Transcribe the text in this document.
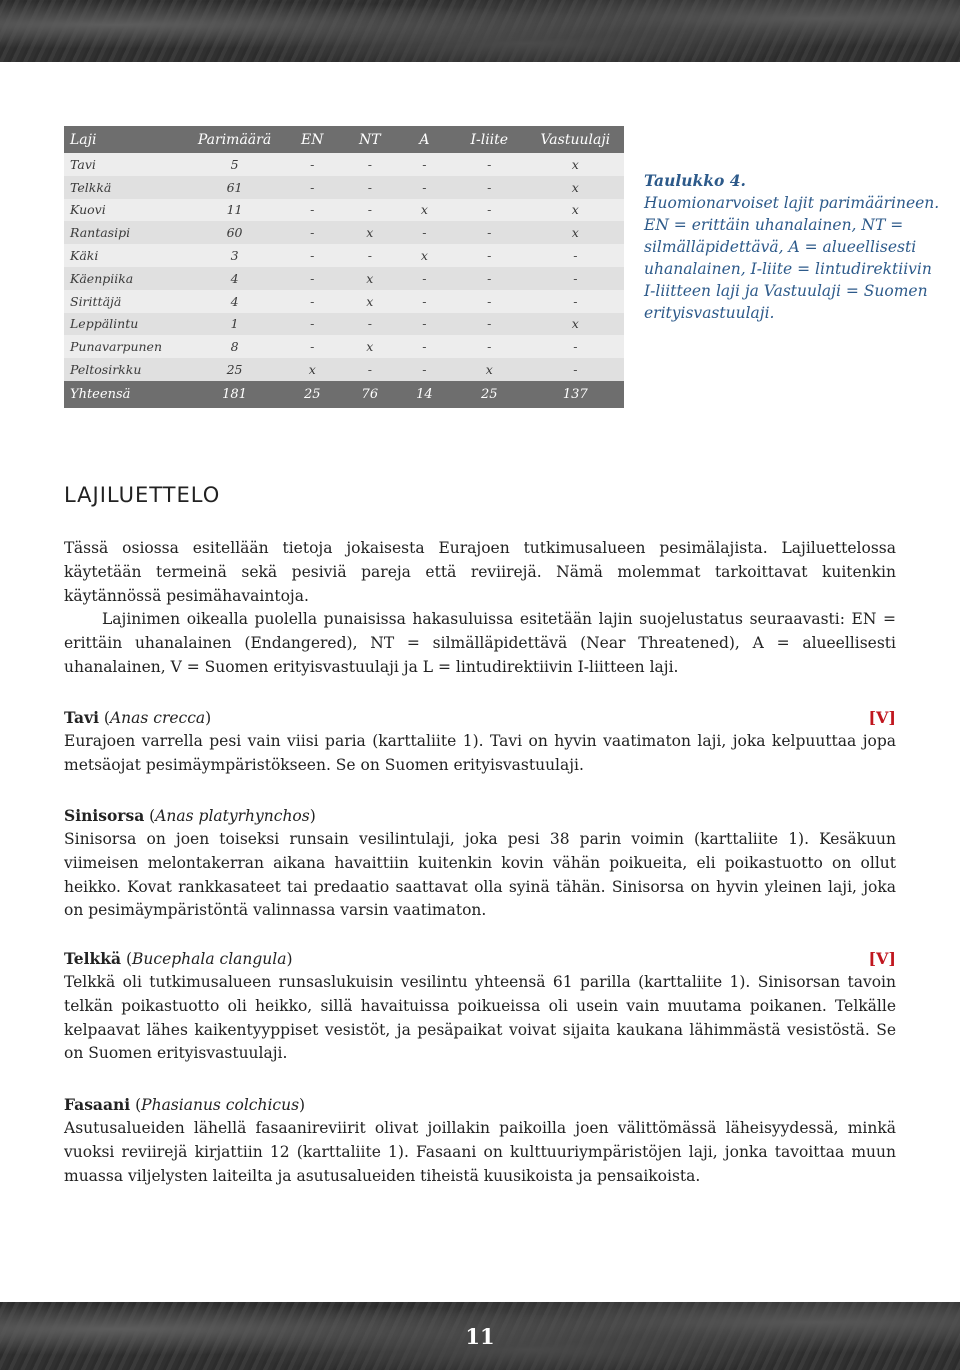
Laji	Parimäärä	EN	NT	A	I-liite	Vastuulaji
Tavi	5	-	-	-	-	x
Telkkä	61	-	-	-	-	x
Kuovi	11	-	-	x	-	x
Rantasipi	60	-	x	-	-	x
Käki	3	-	-	x	-	-
Käenpiika	4	-	x	-	-	-
Sirittäjä	4	-	x	-	-	-
Leppälintu	1	-	-	-	-	x
Punavarpunen	8	-	x	-	-	-
Peltosirkku	25	x	-	-	x	-
Yhteensä	181	25	76	14	25	137
Taulukko 4.
Huomionarvoiset lajit parimäärineen. EN = erittäin uhanalainen, NT = silmälläpidettävä, A = alueellisesti uhanalainen, I-liite = lintudirektiivin I-liitteen laji ja Vastuulaji = Suomen erityisvastuulaji.
LAJILUETTELO

Tässä osiossa esitellään tietoja jokaisesta Eurajoen tutkimusalueen pesimälajista. Lajiluettelossa käytetään termeinä sekä pesiviä pareja että reviirejä. Nämä molemmat tarkoittavat kuitenkin käytännössä pesimähavaintoja.

Lajinimen oikealla puolella punaisissa hakasuluissa esitetään lajin suojelustatus seuraavasti: EN = erittäin uhanalainen (Endangered), NT = silmälläpidettävä (Near Threatened), A = alueellisesti uhanalainen, V = Suomen erityisvastuulaji ja L = lintudirektiivin I-liitteen laji.

Tavi (Anas crecca)	[V]

Eurajoen varrella pesi vain viisi paria (karttaliite 1). Tavi on hyvin vaatimaton laji, joka kelpuuttaa jopa metsäojat pesimäympäristökseen. Se on Suomen erityisvastuulaji.

Sinisorsa (Anas platyrhynchos)

Sinisorsa on joen toiseksi runsain vesilintulaji, joka pesi 38 parin voimin (karttaliite 1). Kesäkuun viimeisen melontakerran aikana havaittiin kuitenkin kovin vähän poikueita, eli poikastuotto on ollut heikko. Kovat rankkasateet tai predaatio saattavat olla syinä tähän. Sinisorsa on hyvin yleinen laji, joka on pesimäympäristöntä valinnassa varsin vaatimaton.

Telkkä (Bucephala clangula)	[V]

Telkkä oli tutkimusalueen runsaslukuisin vesilintu yhteensä 61 parilla (karttaliite 1). Sinisorsan tavoin telkän poikastuotto oli heikko, sillä havaituissa poikueissa oli usein vain muutama poikanen. Telkälle kelpaavat lähes kaikentyyppiset vesistöt, ja pesäpaikat voivat sijaita kaukana lähimmästä vesistöstä. Se on Suomen erityisvastuulaji.

Fasaani (Phasianus colchicus)

Asutusalueiden lähellä fasaanireviirit olivat joillakin paikoilla joen välittömässä läheisyydessä, minkä vuoksi reviirejä kirjattiin 12 (karttaliite 1). Fasaani on kulttuuriympäristöjen laji, jonka tavoittaa muun muassa viljelysten laiteilta ja asutusalueiden tiheistä kuusikoista ja pensaikoista.

11
